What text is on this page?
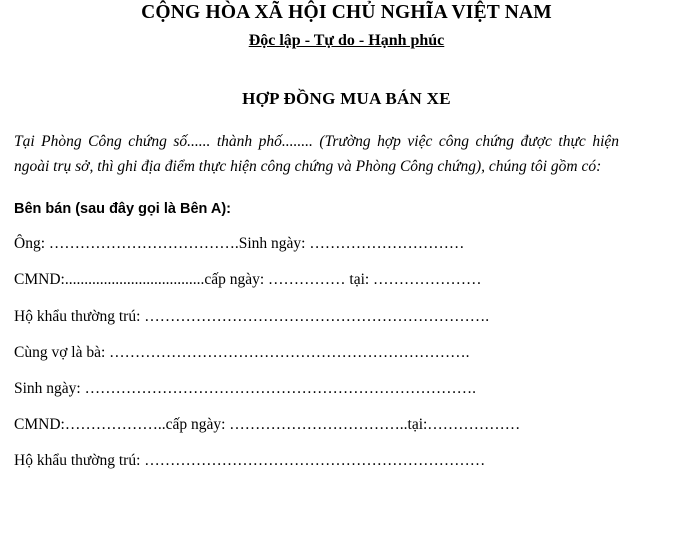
CỘNG HÒA XÃ HỘI CHỦ NGHĨA VIỆT NAM
Độc lập - Tự do - Hạnh phúc
HỢP ĐỒNG MUA BÁN XE
Tại Phòng Công chứng số...... thành phố........ (Trường hợp việc công chứng được thực hiện ngoài trụ sở, thì ghi địa điểm thực hiện công chứng và Phòng Công chứng), chúng tôi gồm có:
Bên bán (sau đây gọi là Bên A):
Ông: ……………………………….Sinh ngày: …………………………
CMND:....................................cấp ngày: …………… tại: …………………
Hộ khẩu thường trú: ………………………………………………………….
Cùng vợ là bà: …………………………………………………………….
Sinh ngày: ………………………………………………………………….
CMND:………………..cấp ngày: ……………………………..tại:………………
Hộ khẩu thường trú: …………………………………………………………
